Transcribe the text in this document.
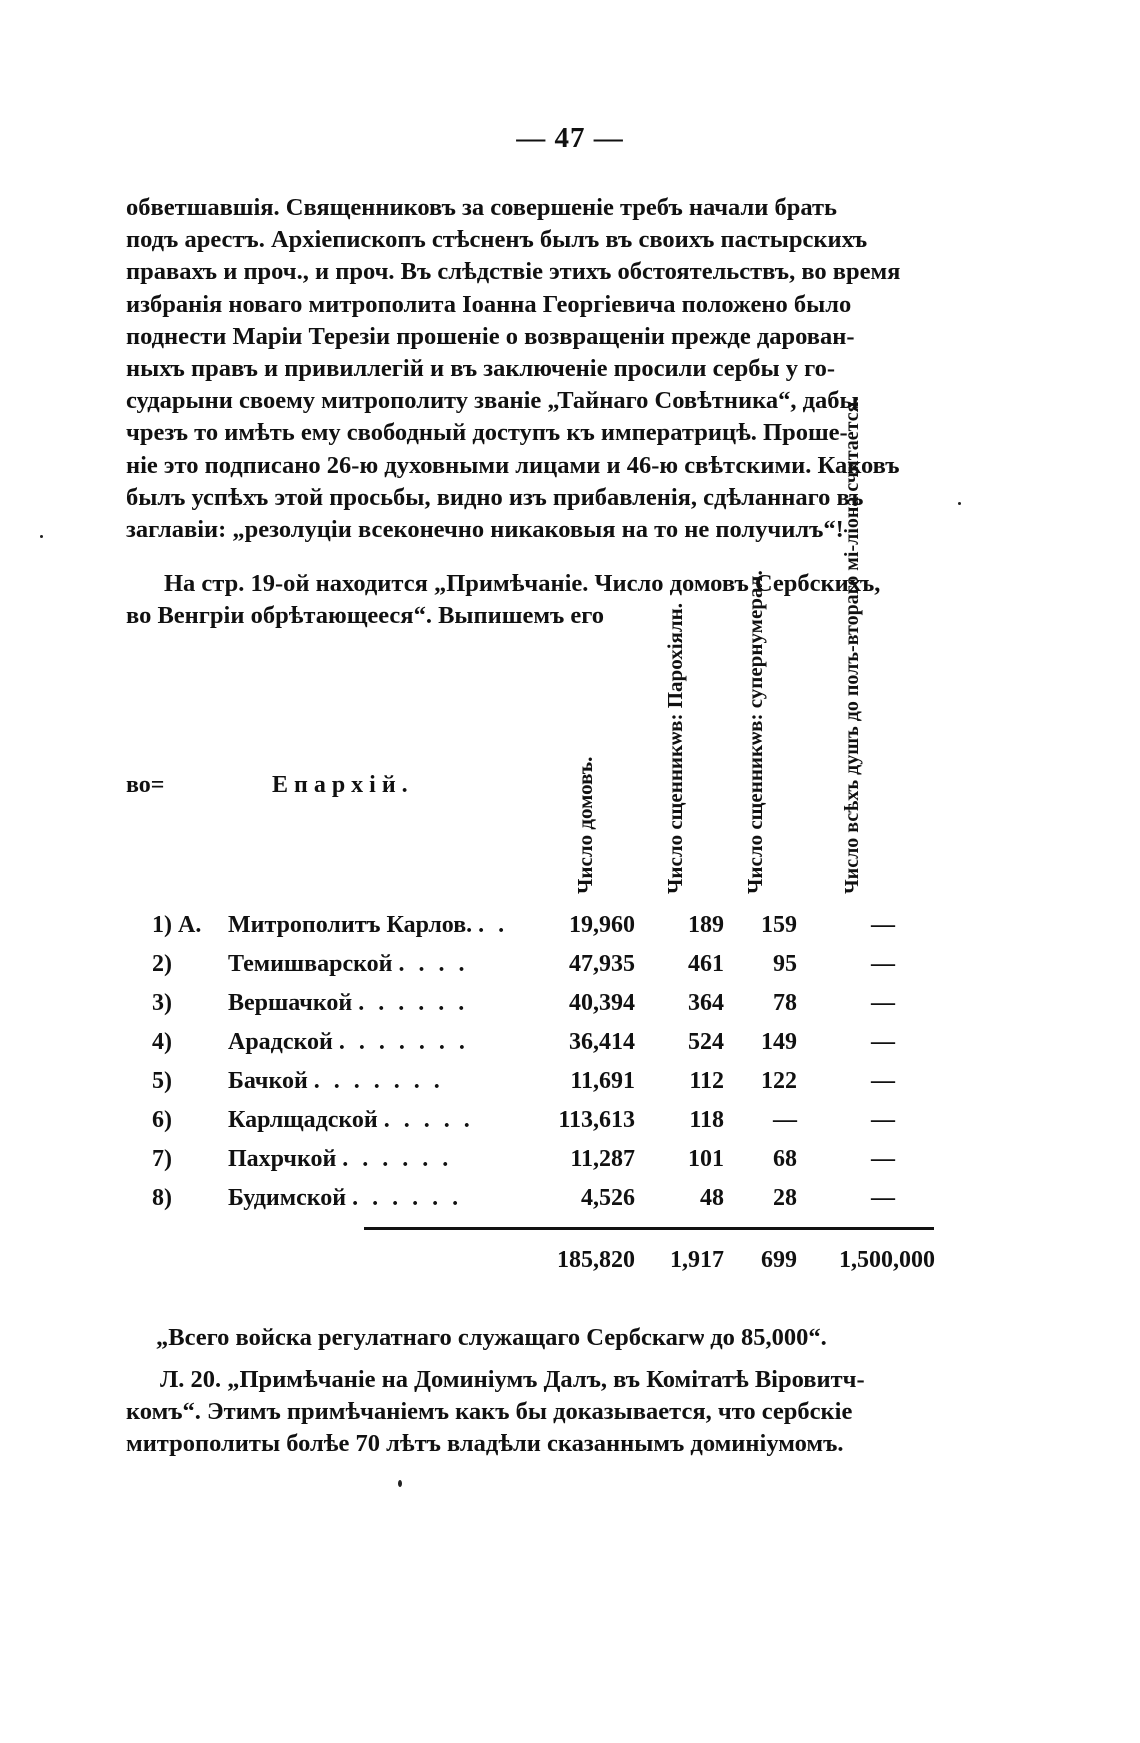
— 47 —
обветшавшія. Священниковъ за совершеніе требъ начали брать
подъ арестъ. Архіепископъ стѣсненъ былъ въ своихъ пастырскихъ
правахъ и проч., и проч. Въ слѣдствіе этихъ обстоятельствъ, во время
избранія новаго митрополита Іоанна Георгіевича положено было
поднести Маріи Терезіи прошеніе о возвращеніи прежде дарован-
ныхъ правъ и привиллегій и въ заключеніе просили сербы у го-
сударыни своему митрополиту званіе „Тайнаго Совѣтника“, дабы
чрезъ то имѣть ему свободный доступъ къ императрицѣ. Проше-
ніе это подписано 26-ю духовными лицами и 46-ю свѣтскими. Каковъ
былъ успѣхъ этой просьбы, видно изъ прибавленія, сдѣланнаго въ
заглавіи: „резолуціи всеконечно никаковыя на то не получилъ“!
На стр. 19-ой находится „Примѣчаніе. Число домовъ Сербскихъ,
во Венгріи обрѣтающееся“. Выпишемъ его
во=	Епархій.	Число домовъ.	Число сщенникѡв: Парохіялн.	Число сщенникѡв: супернумерал.	Число всѣхъ душъ до полъ-втораго мі-ліона считается.
1) А. Митрополитъ Карлов. . .	19,960 189 159	—
2) Темишварской . . . .	47,935 461 95	—
3) Вершачкой . . . . . .	40,394 364 78	—
4) Арадской . . . . . . .	36,414 524 149	—
5) Бачкой . . . . . . .	11,691 112 122	—
6) Карлщадской . . . . .	113,613 118 —	—
7) Пахрчкой . . . . . .	11,287 101 68	—
8) Будимской . . . . . .	4,526	48 28	—
185,820 1,917 699 1,500,000
„Всего войска регулатнаго служащаго Сербскагѡ до 85,000“.
Л. 20. „Примѣчаніе на Доминіумъ Далъ, въ Комітатѣ Віровитч-
комъ“. Этимъ примѣчаніемъ какъ бы доказывается, что сербскіе
митрополиты болѣе 70 лѣтъ владѣли сказаннымъ доминіумомъ.
